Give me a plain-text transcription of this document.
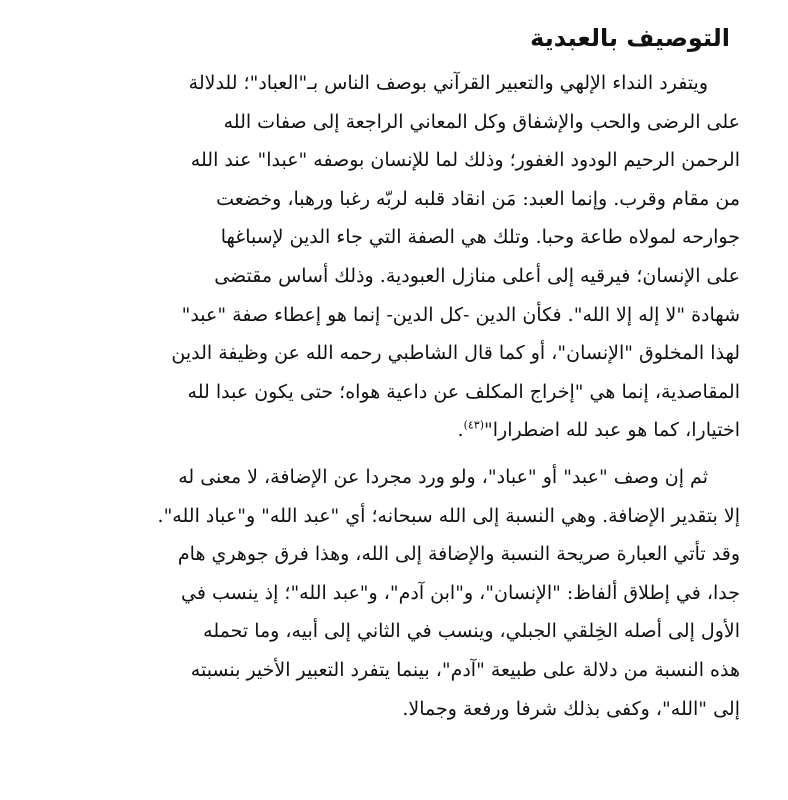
التوصيف بالعبدية

ويتفرد النداء الإلهي والتعبير القرآني بوصف الناس بـ"العباد"؛ للدلالة
على الرضى والحب والإشفاق وكل المعاني الراجعة إلى صفات الله
الرحمن الرحيم الودود الغفور؛ وذلك لما للإنسان بوصفه "عبدا" عند الله
من مقام وقرب. وإنما العبد: مَن انقاد قلبه لربّه رغبا ورهبا، وخضعت
جوارحه لمولاه طاعة وحبا. وتلك هي الصفة التي جاء الدين لإسباغها
على الإنسان؛ فيرقيه إلى أعلى منازل العبودية. وذلك أساس مقتضى
شهادة "لا إله إلا الله". فكأن الدين -كل الدين- إنما هو إعطاء صفة "عبد"
لهذا المخلوق "الإنسان"، أو كما قال الشاطبي رحمه الله عن وظيفة الدين
المقاصدية، إنما هي "إخراج المكلف عن داعية هواه؛ حتى يكون عبدا لله
اختيارا، كما هو عبد لله اضطرارا"$^{(٤٣)}$.

ثم إن وصف "عبد" أو "عباد"، ولو ورد مجردا عن الإضافة، لا معنى له
إلا بتقدير الإضافة. وهي النسبة إلى الله سبحانه؛ أي "عبد الله" و"عباد الله".
وقد تأتي العبارة صريحة النسبة والإضافة إلى الله، وهذا فرق جوهري هام
جدا، في إطلاق ألفاظ: "الإنسان"، و"ابن آدم"، و"عبد الله"؛ إذ ينسب في
الأول إلى أصله الخِلقي الجبلي، وينسب في الثاني إلى أبيه، وما تحمله
هذه النسبة من دلالة على طبيعة "آدم"، بينما يتفرد التعبير الأخير بنسبته
إلى "الله"، وكفى بذلك شرفا ورفعة وجمالا.
